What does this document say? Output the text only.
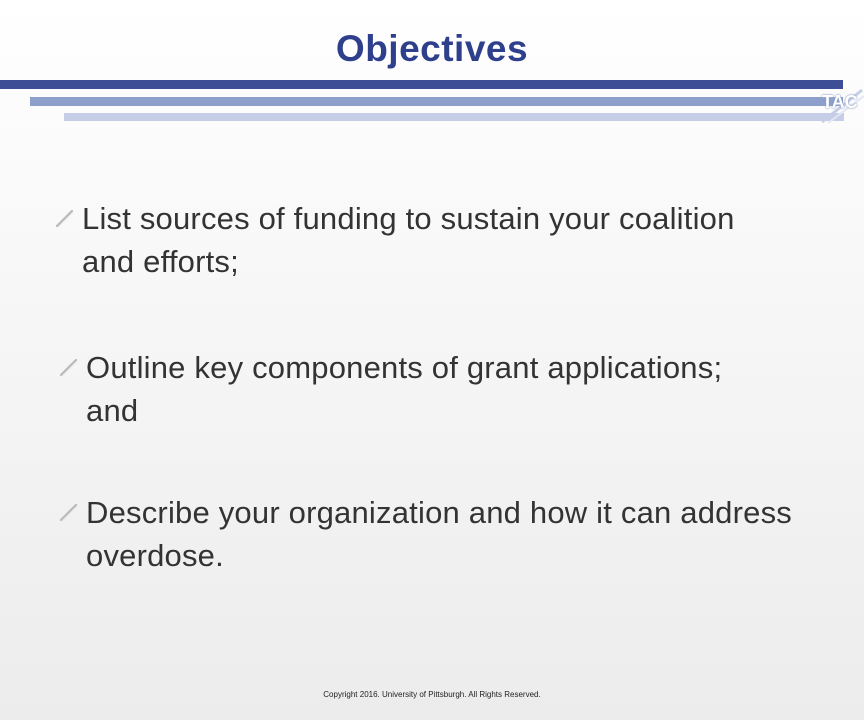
Objectives
TAC
List sources of funding to sustain your coalition and efforts;
Outline key components of grant applications; and
Describe your organization and how it can address overdose.
Copyright 2016. University of Pittsburgh. All Rights Reserved.
